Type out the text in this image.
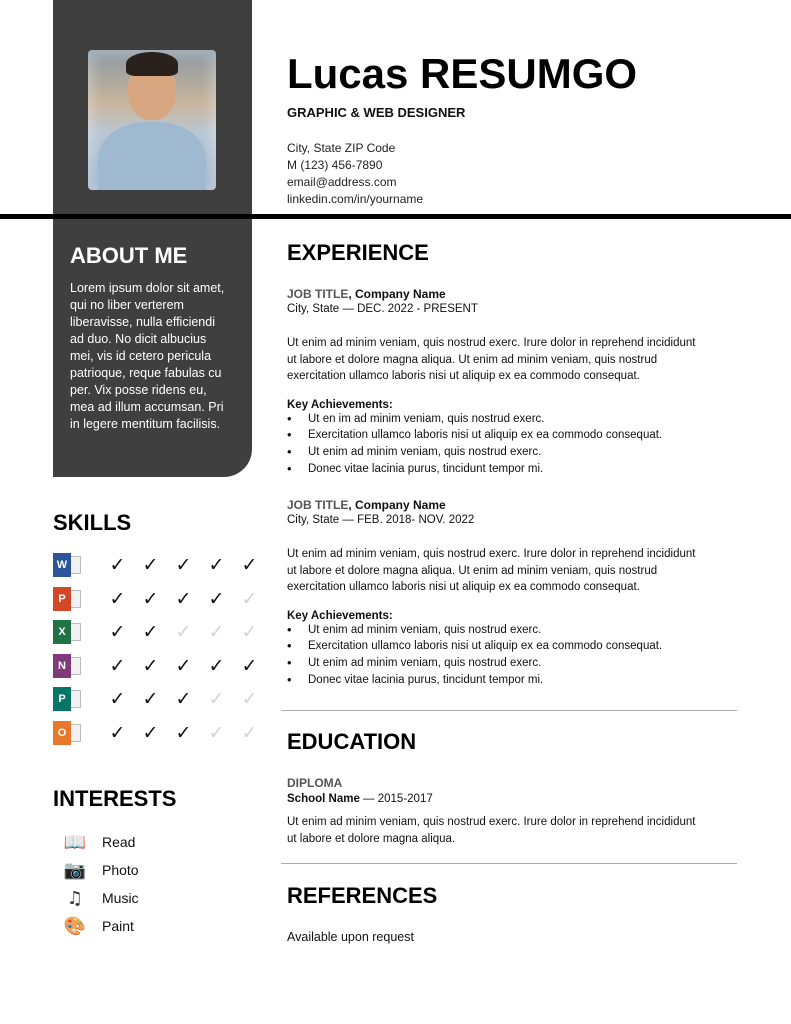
Lucas RESUMGO
GRAPHIC & WEB DESIGNER
City, State ZIP Code
M (123) 456-7890
email@address.com
linkedin.com/in/yourname
ABOUT ME
Lorem ipsum dolor sit amet,
qui no liber verterem
liberavisse, nulla efficiendi
ad duo. No dicit albucius
mei, vis id cetero pericula
patrioque, reque fabulas cu
per. Vix posse ridens eu,
mea ad illum accumsan. Pri
in legere mentitum facilisis.
SKILLS
W	✓ ✓ ✓ ✓ ✓
P	✓ ✓ ✓ ✓ ✓
X	✓ ✓ ✓ ✓ ✓
N	✓ ✓ ✓ ✓ ✓
P	✓ ✓ ✓ ✓ ✓
O	✓ ✓ ✓ ✓ ✓
INTERESTS
📖 Read
📷 Photo
♫	Music
🎨 Paint
EXPERIENCE
JOB TITLE, Company Name
City, State — DEC. 2022 - PRESENT
Ut enim ad minim veniam, quis nostrud exerc. Irure dolor in reprehend incididunt
ut labore et dolore magna aliqua. Ut enim ad minim veniam, quis nostrud
exercitation ullamco laboris nisi ut aliquip ex ea commodo consequat.
Key Achievements:
• Ut en im ad minim veniam, quis nostrud exerc.
• Exercitation ullamco laboris nisi ut aliquip ex ea commodo consequat.
• Ut enim ad minim veniam, quis nostrud exerc.
• Donec vitae lacinia purus, tincidunt tempor mi.
JOB TITLE, Company Name
City, State — FEB. 2018- NOV. 2022
Ut enim ad minim veniam, quis nostrud exerc. Irure dolor in reprehend incididunt
ut labore et dolore magna aliqua. Ut enim ad minim veniam, quis nostrud
exercitation ullamco laboris nisi ut aliquip ex ea commodo consequat.
Key Achievements:
• Ut enim ad minim veniam, quis nostrud exerc.
• Exercitation ullamco laboris nisi ut aliquip ex ea commodo consequat.
• Ut enim ad minim veniam, quis nostrud exerc.
• Donec vitae lacinia purus, tincidunt tempor mi.
EDUCATION
DIPLOMA
School Name — 2015-2017
Ut enim ad minim veniam, quis nostrud exerc. Irure dolor in reprehend incididunt
ut labore et dolore magna aliqua.
REFERENCES
Available upon request
